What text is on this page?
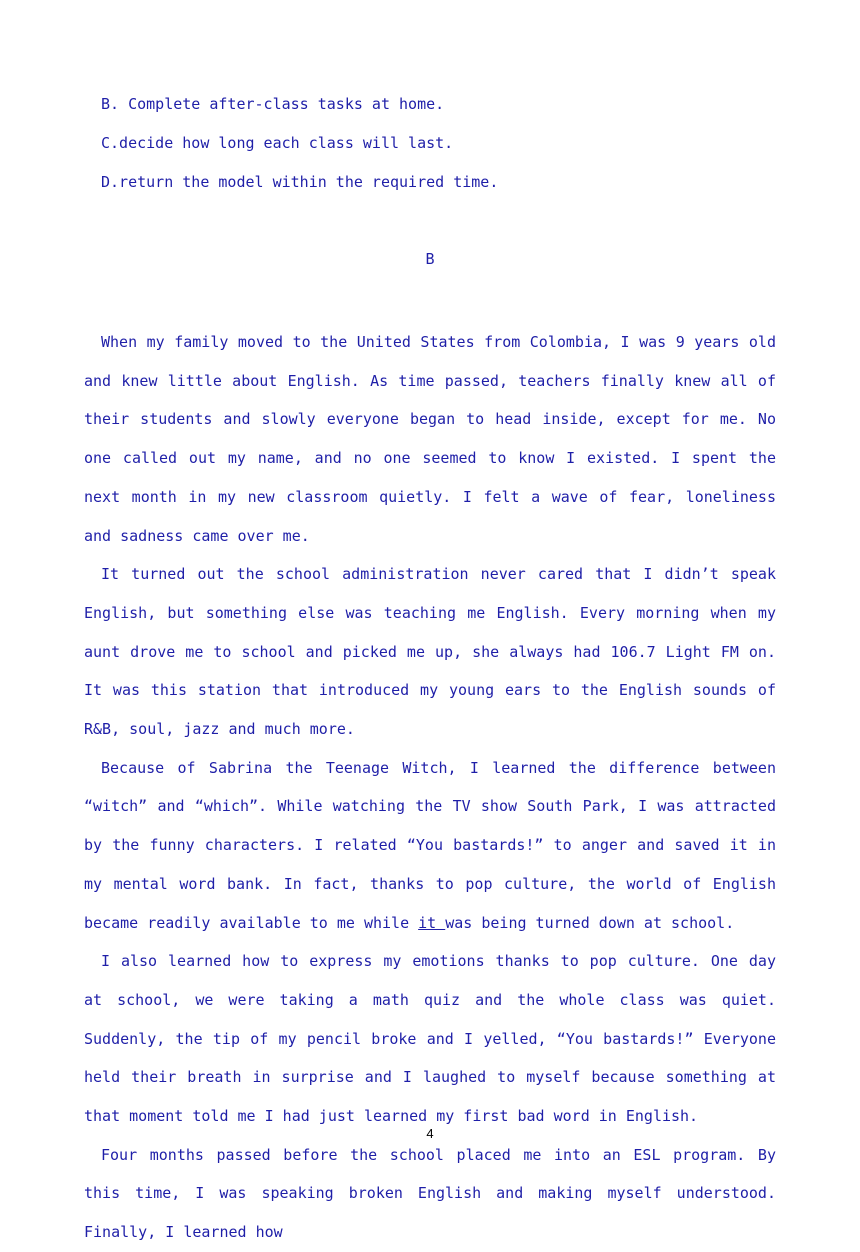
B. Complete after-class tasks at home.
C.decide how long each class will last.
D.return the model within the required time.
B

When my family moved to the United States from Colombia, I was 9 years old and knew little about English. As time passed, teachers finally knew all of their students and slowly everyone began to head inside, except for me. No one called out my name, and no one seemed to know I existed. I spent the next month in my new classroom quietly. I felt a wave of fear, loneliness and sadness came over me.

It turned out the school administration never cared that I didn’t speak English, but something else was teaching me English. Every morning when my aunt drove me to school and picked me up, she always had 106.7 Light FM on. It was this station that introduced my young ears to the English sounds of R&B, soul, jazz and much more.

Because of Sabrina the Teenage Witch, I learned the difference between “witch” and “which”. While watching the TV show South Park, I was attracted by the funny characters. I related “You bastards!” to anger and saved it in my mental word bank. In fact, thanks to pop culture, the world of English became readily available to me while it was being turned down at school.

I also learned how to express my emotions thanks to pop culture. One day at school, we were taking a math quiz and the whole class was quiet. Suddenly, the tip of my pencil broke and I yelled, “You bastards!” Everyone held their breath in surprise and I laughed to myself because something at that moment told me I had just learned my first bad word in English.

Four months passed before the school placed me into an ESL program. By this time, I was speaking broken English and making myself understood. Finally, I learned how

4
